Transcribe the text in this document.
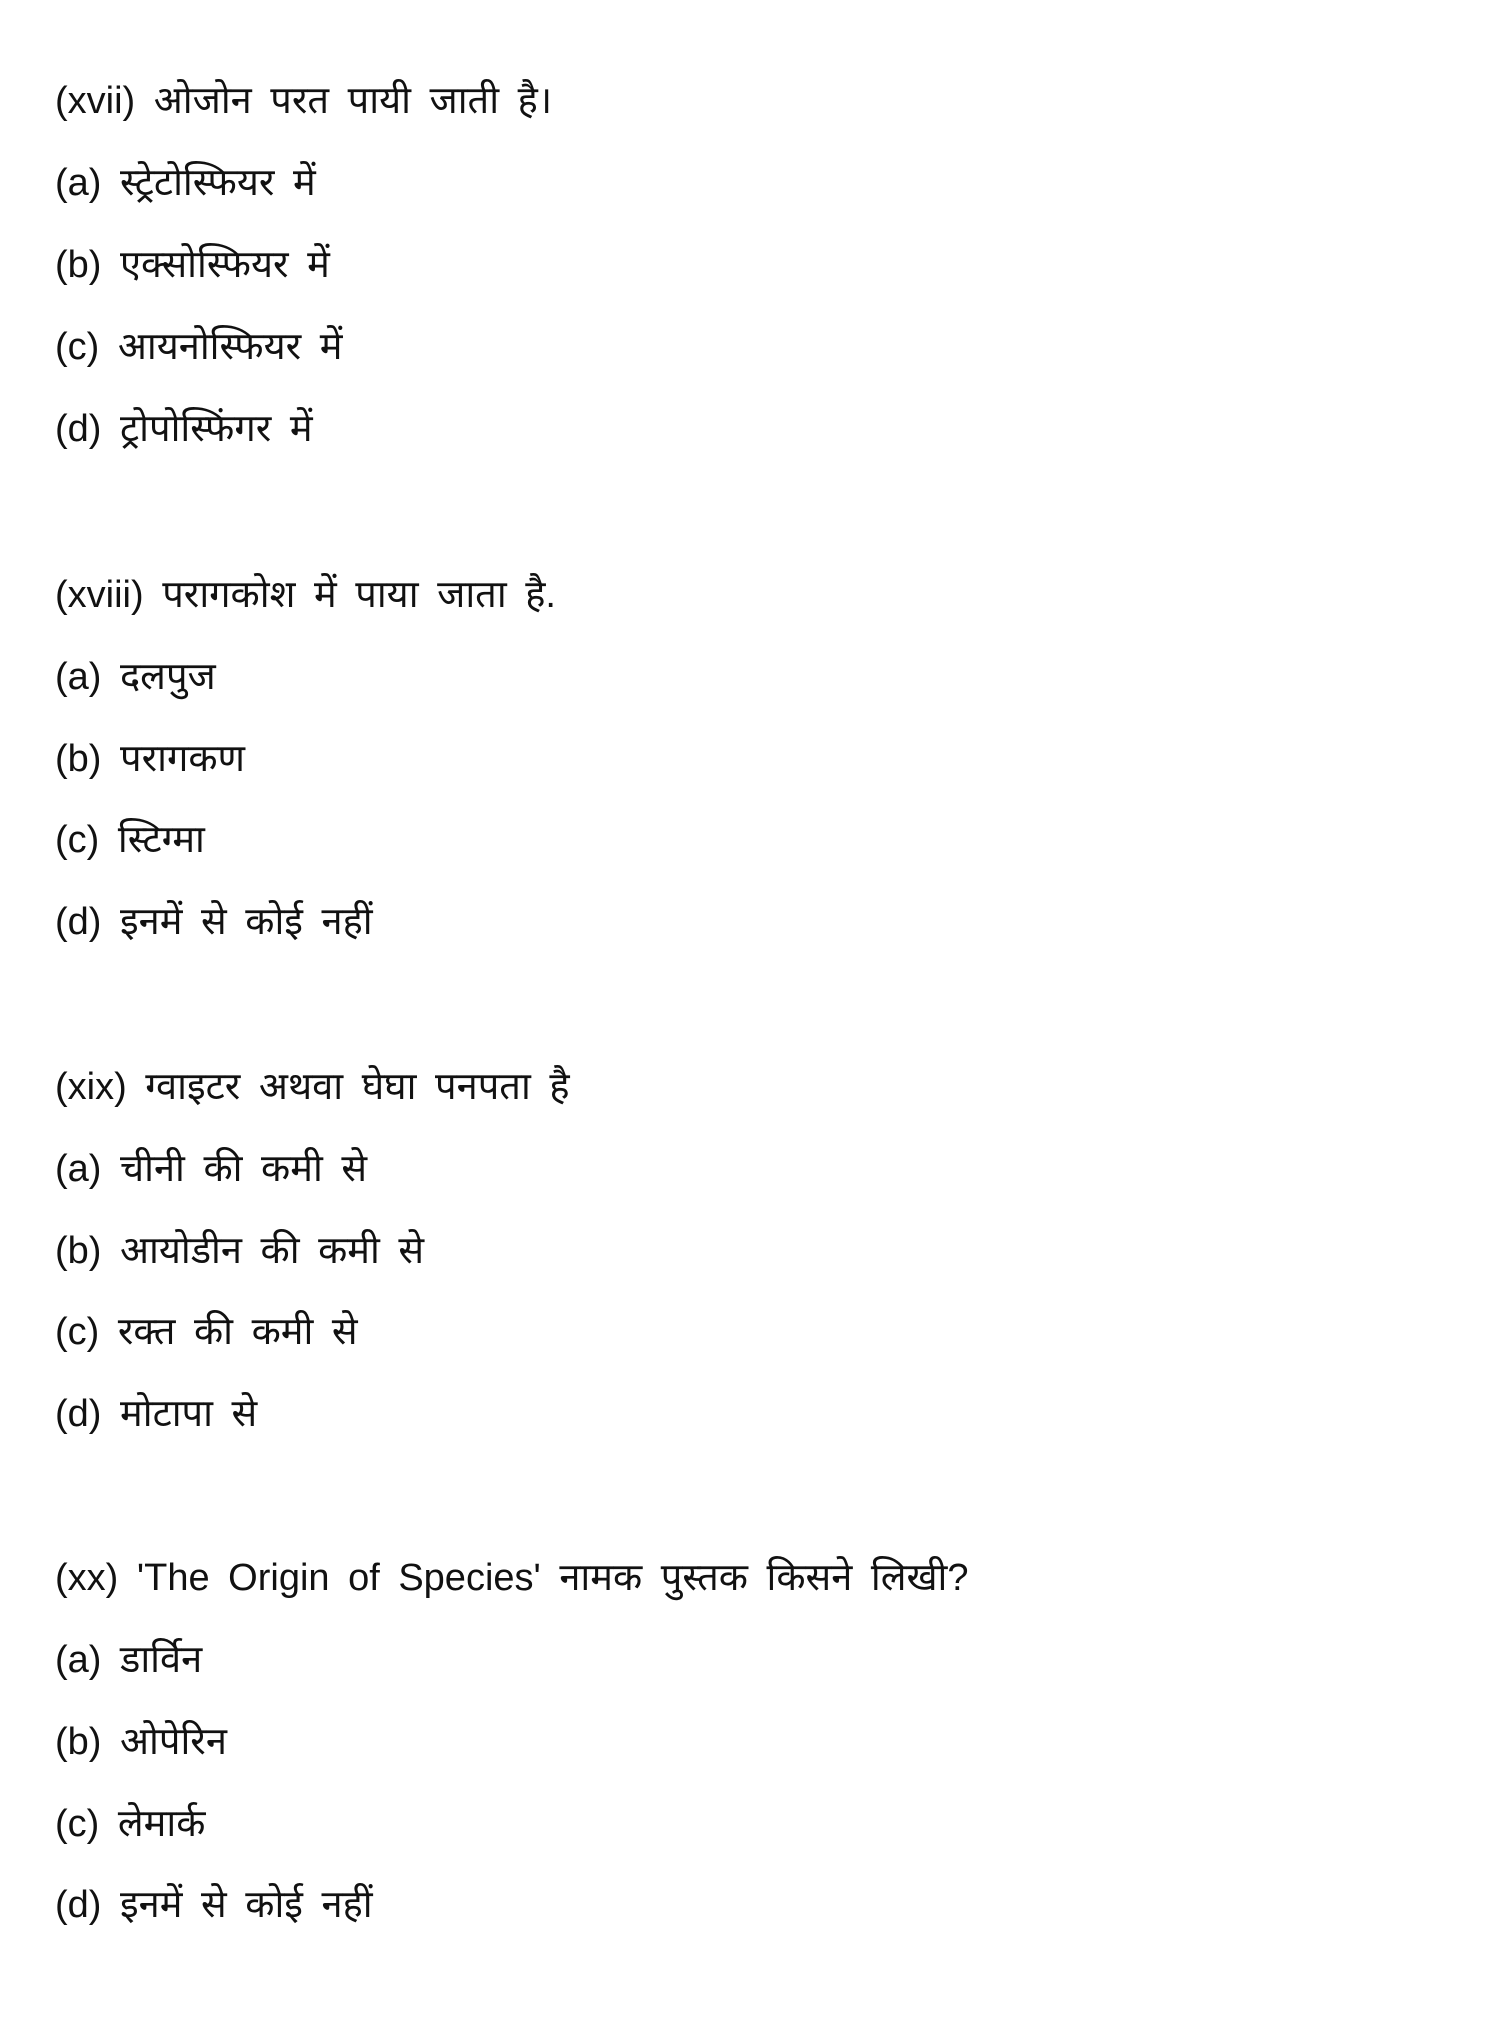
(xvii) ओजोन परत पायी जाती है।
(a) स्ट्रेटोस्फियर में
(b) एक्सोस्फियर में
(c) आयनोस्फियर में
(d) ट्रोपोस्फिंगर में
(xviii) परागकोश में पाया जाता है.
(a) दलपुज
(b) परागकण
(c) स्टिग्मा
(d) इनमें से कोई नहीं
(xix) ग्वाइटर अथवा घेघा पनपता है
(a) चीनी की कमी से
(b) आयोडीन की कमी से
(c) रक्त की कमी से
(d) मोटापा से
(xx) 'The Origin of Species' नामक पुस्तक किसने लिखी?
(a) डार्विन
(b) ओपेरिन
(c) लेमार्क
(d) इनमें से कोई नहीं
